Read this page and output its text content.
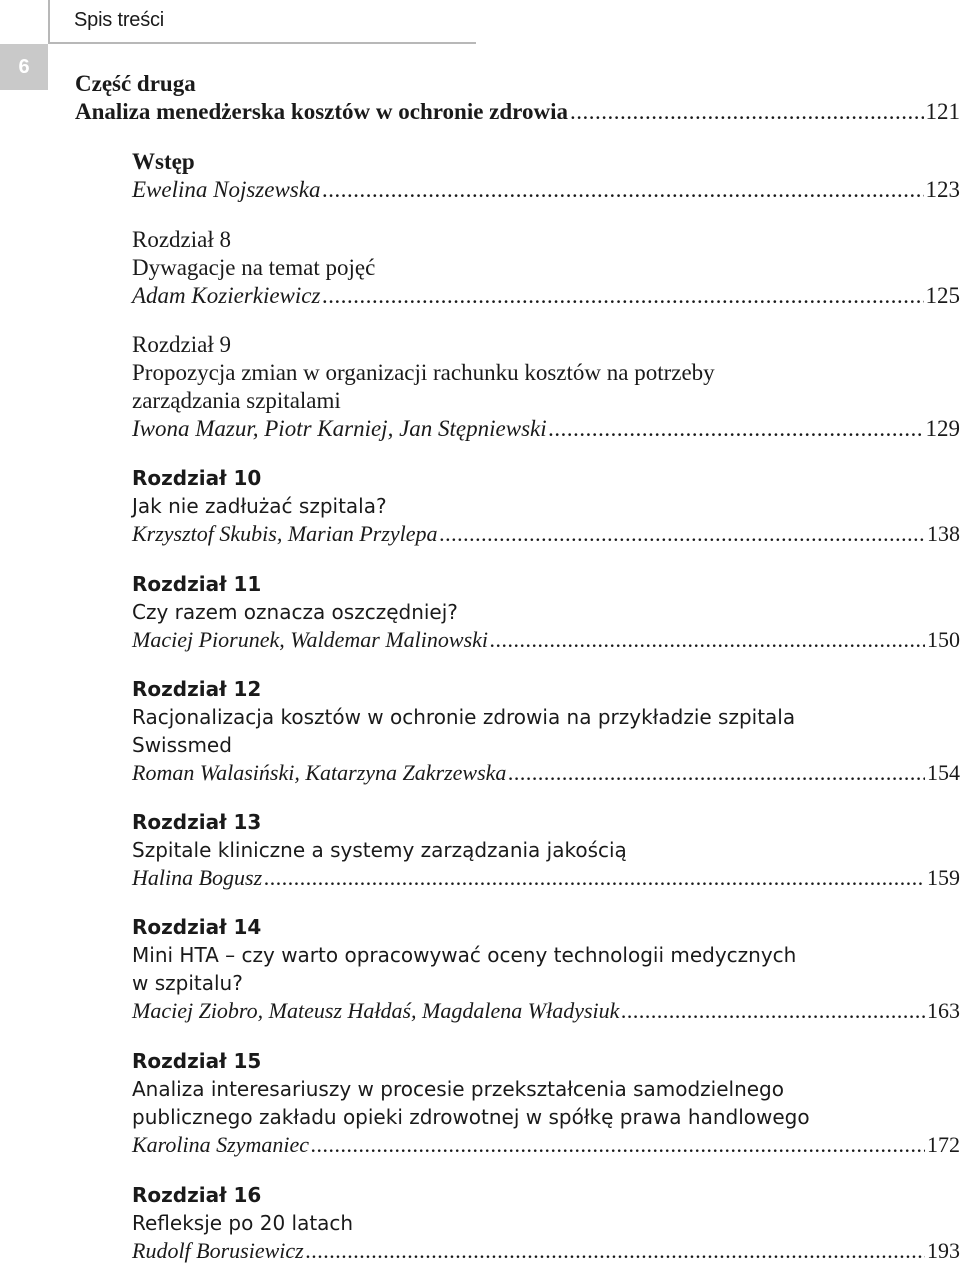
Spis treści
6
Część druga
Analiza menedżerska kosztów w ochronie zdrowia .....	121
Wstęp
Ewelina Nojszewska .....	123
Rozdział 8
Dywagacje na temat pojęć
Adam Kozierkiewicz .....	125
Rozdział 9
Propozycja zmian w organizacji rachunku kosztów na potrzeby
zarządzania szpitalami
Iwona Mazur, Piotr Karniej, Jan Stępniewski .....	129
Rozdział 10
Jak nie zadłużać szpitala?
Krzysztof Skubis, Marian Przylepa .....	138
Rozdział 11
Czy razem oznacza oszczędniej?
Maciej Piorunek, Waldemar Malinowski .....	150
Rozdział 12
Racjonalizacja kosztów w ochronie zdrowia na przykładzie szpitala
Swissmed
Roman Walasiński, Katarzyna Zakrzewska .....	154
Rozdział 13
Szpitale kliniczne a systemy zarządzania jakością
Halina Bogusz .....	159
Rozdział 14
Mini HTA – czy warto opracowywać oceny technologii medycznych
w szpitalu?
Maciej Ziobro, Mateusz Hałdaś, Magdalena Władysiuk .....	163
Rozdział 15
Analiza interesariuszy w procesie przekształcenia samodzielnego
publicznego zakładu opieki zdrowotnej w spółkę prawa handlowego
Karolina Szymaniec .....	172
Rozdział 16
Refleksje po 20 latach
Rudolf Borusiewicz .....	193
